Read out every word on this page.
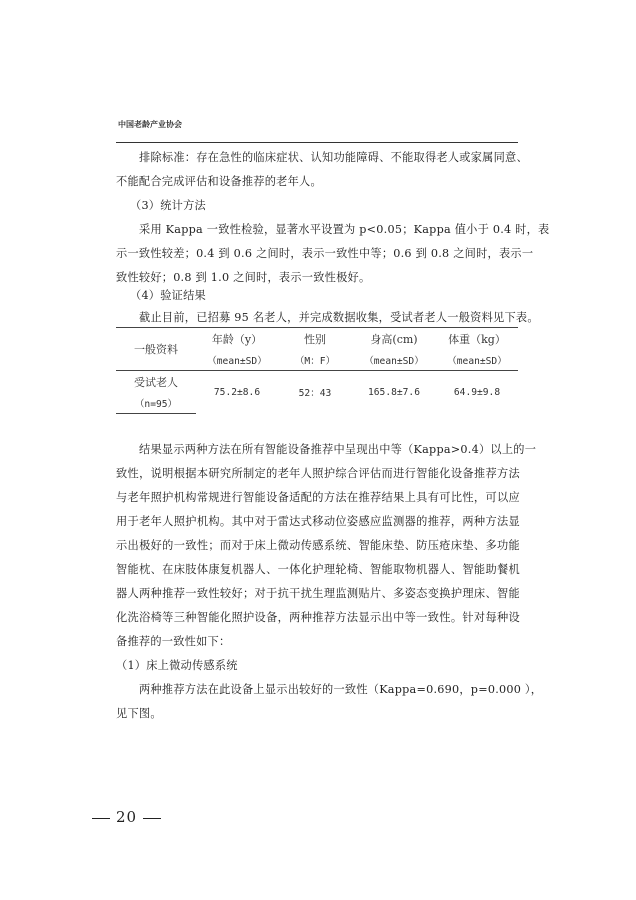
中国老龄产业协会
排除标准：存在急性的临床症状、认知功能障碍、不能取得老人或家属同意、
不能配合完成评估和设备推荐的老年人。
（3）统计方法
采用 Kappa 一致性检验，显著水平设置为 p<0.05；Kappa 值小于 0.4 时，表
示一致性较差；0.4 到 0.6 之间时，表示一致性中等；0.6 到 0.8 之间时，表示一
致性较好；0.8 到 1.0 之间时，表示一致性极好。
（4）验证结果
截止目前，已招募 95 名老人，并完成数据收集，受试者老人一般资料见下表。
一般资料	年龄（y）	性别	身高(cm)	体重（kg）
	（mean±SD）	（M：F）	（mean±SD）	（mean±SD）
受试老人	75.2±8.6	52：43	165.8±7.6	64.9±9.8
（n=95）				
结果显示两种方法在所有智能设备推荐中呈现出中等（Kappa>0.4）以上的一
致性，说明根据本研究所制定的老年人照护综合评估而进行智能化设备推荐方法
与老年照护机构常规进行智能设备适配的方法在推荐结果上具有可比性，可以应
用于老年人照护机构。其中对于雷达式移动位姿感应监测器的推荐，两种方法显
示出极好的一致性；而对于床上微动传感系统、智能床垫、防压疮床垫、多功能
智能枕、在床肢体康复机器人、一体化护理轮椅、智能取物机器人、智能助餐机
器人两种推荐一致性较好；对于抗干扰生理监测贴片、多姿态变换护理床、智能
化洗浴椅等三种智能化照护设备，两种推荐方法显示出中等一致性。针对每种设
备推荐的一致性如下：
（1）床上微动传感系统
两种推荐方法在此设备上显示出较好的一致性（Kappa=0.690，p=0.000 ），
见下图。
20
